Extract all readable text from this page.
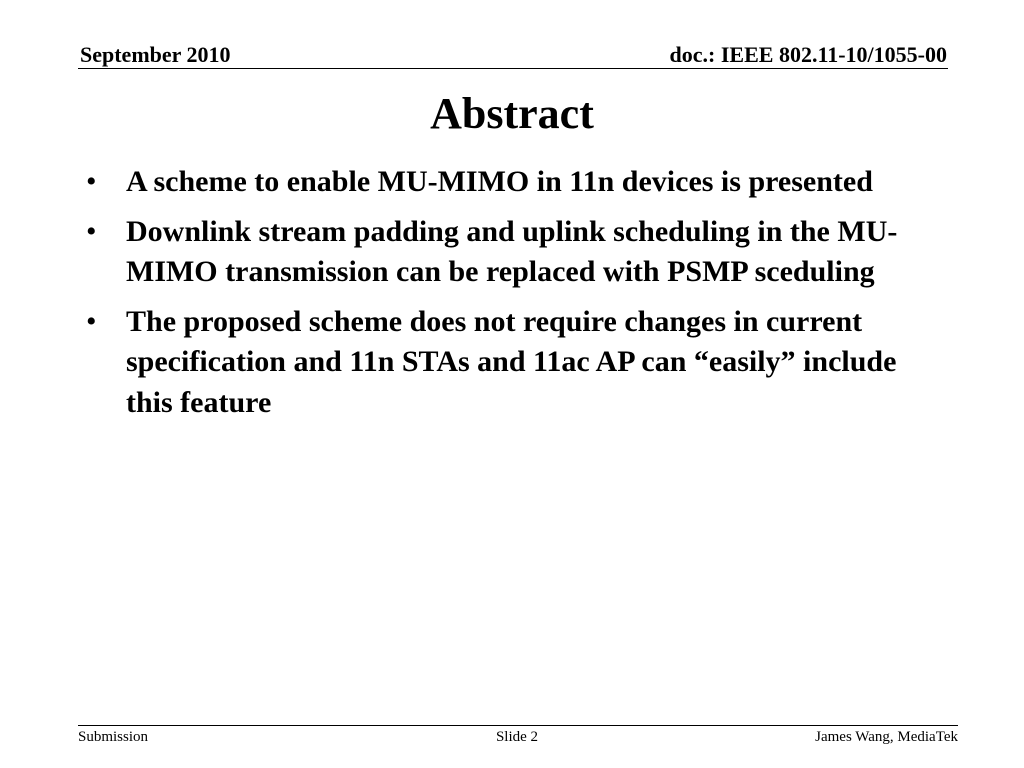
September 2010	doc.: IEEE 802.11-10/1055-00
Abstract
• A scheme to enable MU-MIMO in 11n devices is presented
• Downlink stream padding and uplink scheduling in the MU-MIMO transmission can be replaced with PSMP sceduling
• The proposed scheme does not require changes in current specification and 11n STAs and 11ac AP can “easily” include this feature
Submission	Slide 2	James Wang, MediaTek
